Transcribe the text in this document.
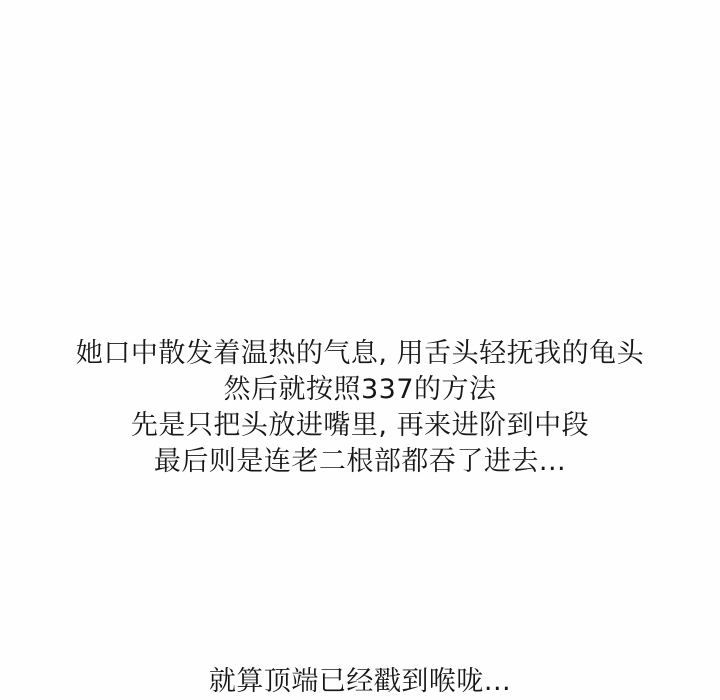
她口中散发着温热的气息, 用舌头轻抚我的龟头
然后就按照337的方法
先是只把头放进嘴里, 再来进阶到中段
最后则是连老二根部都吞了进去...
就算顶端已经戳到喉咙...
